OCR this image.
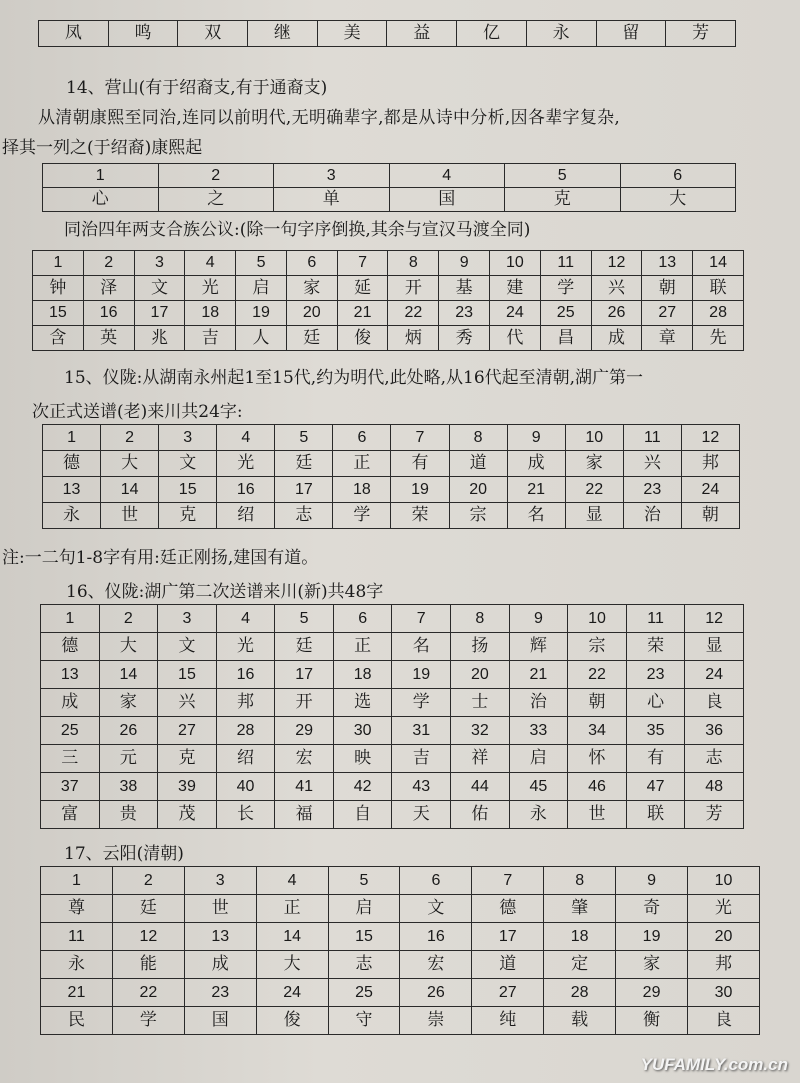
凤	鸣	双	继	美	益	亿	永	留	芳
14、营山(有于绍裔支,有于通裔支)
从清朝康熙至同治,连同以前明代,无明确辈字,都是从诗中分析,因各辈字复杂,
择其一列之(于绍裔)康熙起
1	2	3	4	5	6
心	之	单	国	克	大
同治四年两支合族公议:(除一句字序倒换,其余与宣汉马渡全同)
1	2	3	4	5	6	7	8	9	10	11	12	13	14
钟	泽	文	光	启	家	延	开	基	建	学	兴	朝	联
15	16	17	18	19	20	21	22	23	24	25	26	27	28
含	英	兆	吉	人	廷	俊	炳	秀	代	昌	成	章	先
15、仪陇:从湖南永州起1至15代,约为明代,此处略,从16代起至清朝,湖广第一
次正式送谱(老)来川共24字:
1	2	3	4	5	6	7	8	9	10	11	12
德	大	文	光	廷	正	有	道	成	家	兴	邦
13	14	15	16	17	18	19	20	21	22	23	24
永	世	克	绍	志	学	荣	宗	名	显	治	朝
注:一二句1-8字有用:廷正刚扬,建国有道。
16、仪陇:湖广第二次送谱来川(新)共48字
1	2	3	4	5	6	7	8	9	10	11	12
德	大	文	光	廷	正	名	扬	辉	宗	荣	显
13	14	15	16	17	18	19	20	21	22	23	24
成	家	兴	邦	开	选	学	士	治	朝	心	良
25	26	27	28	29	30	31	32	33	34	35	36
三	元	克	绍	宏	映	吉	祥	启	怀	有	志
37	38	39	40	41	42	43	44	45	46	47	48
富	贵	茂	长	福	自	天	佑	永	世	联	芳
17、云阳(清朝)
1	2	3	4	5	6	7	8	9	10
尊	廷	世	正	启	文	德	肇	奇	光
11	12	13	14	15	16	17	18	19	20
永	能	成	大	志	宏	道	定	家	邦
21	22	23	24	25	26	27	28	29	30
民	学	国	俊	守	崇	纯	载	衡	良
YUFAMILY.com.cn
